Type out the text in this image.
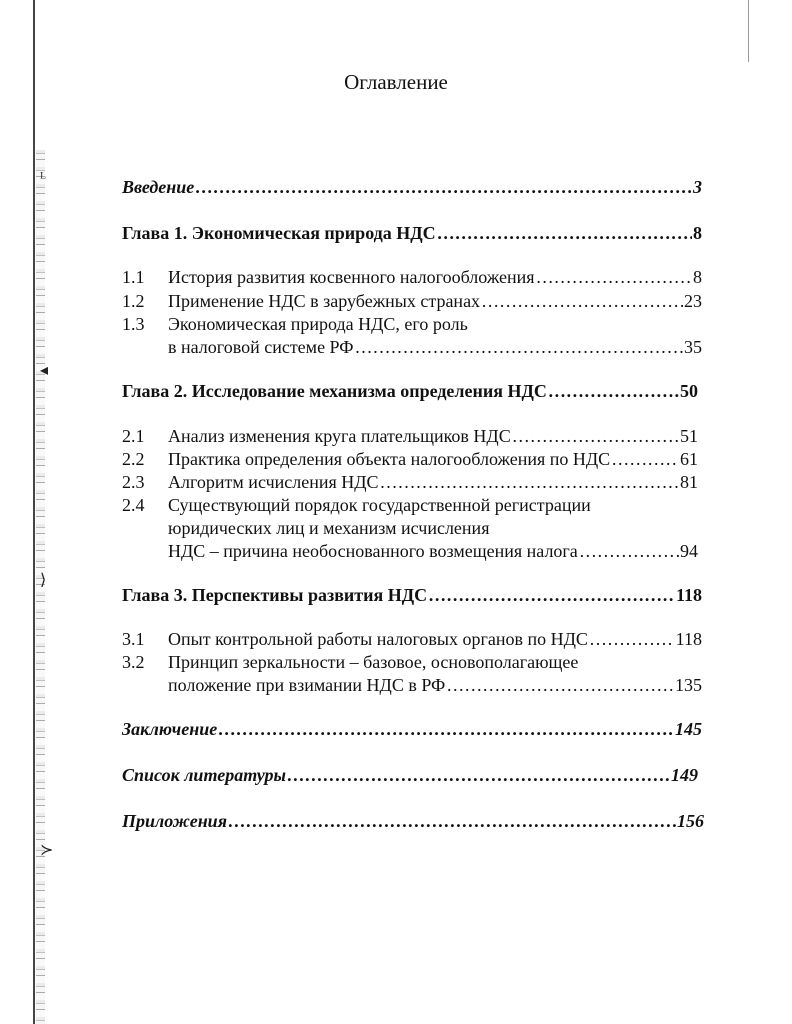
ᴸ
◂
⟩
≻
Оглавление
Введение ………………………………………………………………………………………………………………………………………………………………………………………………	3
Глава 1. Экономическая природа НДС ………………………………………………………………………………………………………………………………………………………………………………………………	8
1.1	История развития косвенного налогообложения ………………………………………………………………………………………………………………………………………………………………………………………………	8
1.2	Применение НДС в зарубежных странах ………………………………………………………………………………………………………………………………………………………………………………………………	23
1.3 Экономическая природа НДС, его роль
в налоговой системе РФ ………………………………………………………………………………………………………………………………………………………………………………………………	35
Глава 2. Исследование механизма определения НДС ………………………………………………………………………………………………………………………………………………………………………………………………	50
2.1	Анализ изменения круга плательщиков НДС ………………………………………………………………………………………………………………………………………………………………………………………………	51
2.2	Практика определения объекта налогообложения по НДС ………………………………………………………………………………………………………………………………………………………………………………………………	61
2.3	Алгоритм исчисления НДС ………………………………………………………………………………………………………………………………………………………………………………………………	81
2.4 Существующий порядок государственной регистрации
юридических лиц и механизм исчисления
НДС – причина необоснованного возмещения налога ………………………………………………………………………………………………………………………………………………………………………………………………	94
Глава 3. Перспективы развития НДС ………………………………………………………………………………………………………………………………………………………………………………………………	118
3.1	Опыт контрольной работы налоговых органов по НДС ………………………………………………………………………………………………………………………………………………………………………………………………	118
3.2 Принцип зеркальности – базовое, основополагающее
положение при взимании НДС в РФ ………………………………………………………………………………………………………………………………………………………………………………………………	135
Заключение ………………………………………………………………………………………………………………………………………………………………………………………………	145
Список литературы ………………………………………………………………………………………………………………………………………………………………………………………………	149
Приложения ………………………………………………………………………………………………………………………………………………………………………………………………	156
